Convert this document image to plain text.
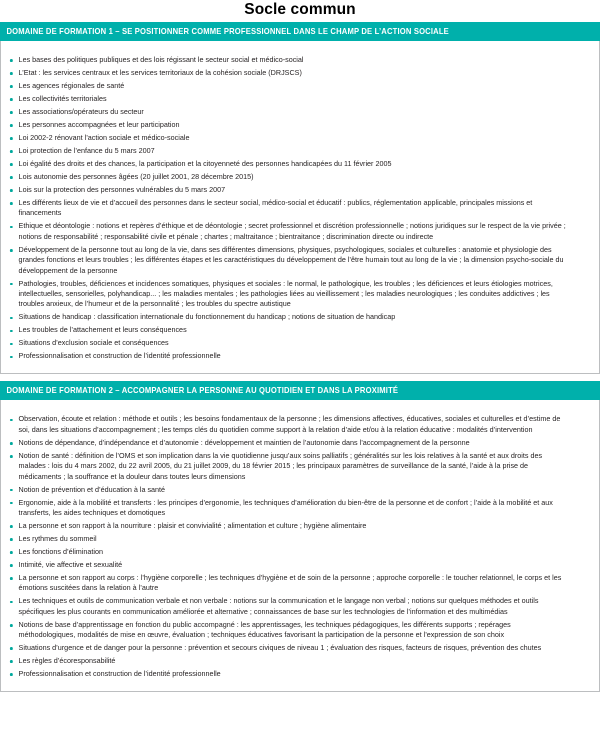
Socle commun
DOMAINE DE FORMATION 1 – SE POSITIONNER COMME PROFESSIONNEL DANS LE CHAMP DE L’ACTION SOCIALE
Les bases des politiques publiques et des lois régissant le secteur social et médico-social
L’Etat : les services centraux et les services territoriaux de la cohésion sociale (DRJSCS)
Les agences régionales de santé
Les collectivités territoriales
Les associations/opérateurs du secteur
Les personnes accompagnées et leur participation
Loi 2002-2 rénovant l’action sociale et médico-sociale
Loi protection de l’enfance du 5 mars 2007
Loi égalité des droits et des chances, la participation et la citoyenneté des personnes handicapées du 11 février 2005
Lois autonomie des personnes âgées (20 juillet 2001, 28 décembre 2015)
Lois sur la protection des personnes vulnérables du 5 mars 2007
Les différents lieux de vie et d’accueil des personnes dans le secteur social, médico-social et éducatif : publics, réglementation applicable, principales missions et financements
Ethique et déontologie : notions et repères d’éthique et de déontologie ; secret professionnel et discrétion professionnelle ; notions juridiques sur le respect de la vie privée ; notions de responsabilité ; responsabilité civile et pénale ; chartes ; maltraitance ; bientraitance ; discrimination directe ou indirecte
Développement de la personne tout au long de la vie, dans ses différentes dimensions, physiques, psychologiques, sociales et culturelles : anatomie et physiologie des grandes fonctions et leurs troubles ; les différentes étapes et les caractéristiques du développement de l’être humain tout au long de la vie ; la dimension psycho-sociale du développement de la personne
Pathologies, troubles, déficiences et incidences somatiques, physiques et sociales : le normal, le pathologique, les troubles ; les déficiences et leurs étiologies motrices, intellectuelles, sensorielles, polyhandicap... ; les maladies mentales ; les pathologies liées au vieillissement ; les maladies neurologiques ; les conduites addictives ; les troubles anxieux, de l’humeur et de la personnalité ; les troubles du spectre autistique
Situations de handicap : classification internationale du fonctionnement du handicap ; notions de situation de handicap
Les troubles de l’attachement et leurs conséquences
Situations d’exclusion sociale et conséquences
Professionnalisation et construction de l’identité professionnelle
DOMAINE DE FORMATION 2 – ACCOMPAGNER LA PERSONNE AU QUOTIDIEN ET DANS LA PROXIMITÉ
Observation, écoute et relation : méthode et outils ; les besoins fondamentaux de la personne ; les dimensions affectives, éducatives, sociales et culturelles et d’estime de soi, dans les situations d’accompagnement ; les temps clés du quotidien comme support à la relation d’aide et/ou à la relation éducative : modalités d’intervention
Notions de dépendance, d’indépendance et d’autonomie : développement et maintien de l’autonomie dans l’accompagnement de la personne
Notion de santé : définition de l’OMS et son implication dans la vie quotidienne jusqu’aux soins palliatifs ; généralités sur les lois relatives à la santé et aux droits des malades : lois du 4 mars 2002, du 22 avril 2005, du 21 juillet 2009, du 18 février 2015 ; les principaux paramètres de surveillance de la santé, l’aide à la prise de médicaments ; la souffrance et la douleur dans toutes leurs dimensions
Notion de prévention et d’éducation à la santé
Ergonomie, aide à la mobilité et transferts : les principes d’ergonomie, les techniques d’amélioration du bien-être de la personne et de confort ; l’aide à la mobilité et aux transferts, les aides techniques et domotiques
La personne et son rapport à la nourriture : plaisir et convivialité ; alimentation et culture ; hygiène alimentaire
Les rythmes du sommeil
Les fonctions d’élimination
Intimité, vie affective et sexualité
La personne et son rapport au corps : l’hygiène corporelle ; les techniques d’hygiène et de soin de la personne ; approche corporelle : le toucher relationnel, le corps et les émotions suscitées dans la relation à l’autre
Les techniques et outils de communication verbale et non verbale : notions sur la communication et le langage non verbal ; notions sur quelques méthodes et outils spécifiques les plus courants en communication améliorée et alternative ; connaissances de base sur les technologies de l’information et des multimédias
Notions de base d’apprentissage en fonction du public accompagné : les apprentissages, les techniques pédagogiques, les différents supports ; repérages méthodologiques, modalités de mise en œuvre, évaluation ; techniques éducatives favorisant la participation de la personne et l’expression de son choix
Situations d’urgence et de danger pour la personne : prévention et secours civiques de niveau 1 ; évaluation des risques, facteurs de risques, prévention des chutes
Les règles d’écoresponsabilité
Professionnalisation et construction de l’identité professionnelle
